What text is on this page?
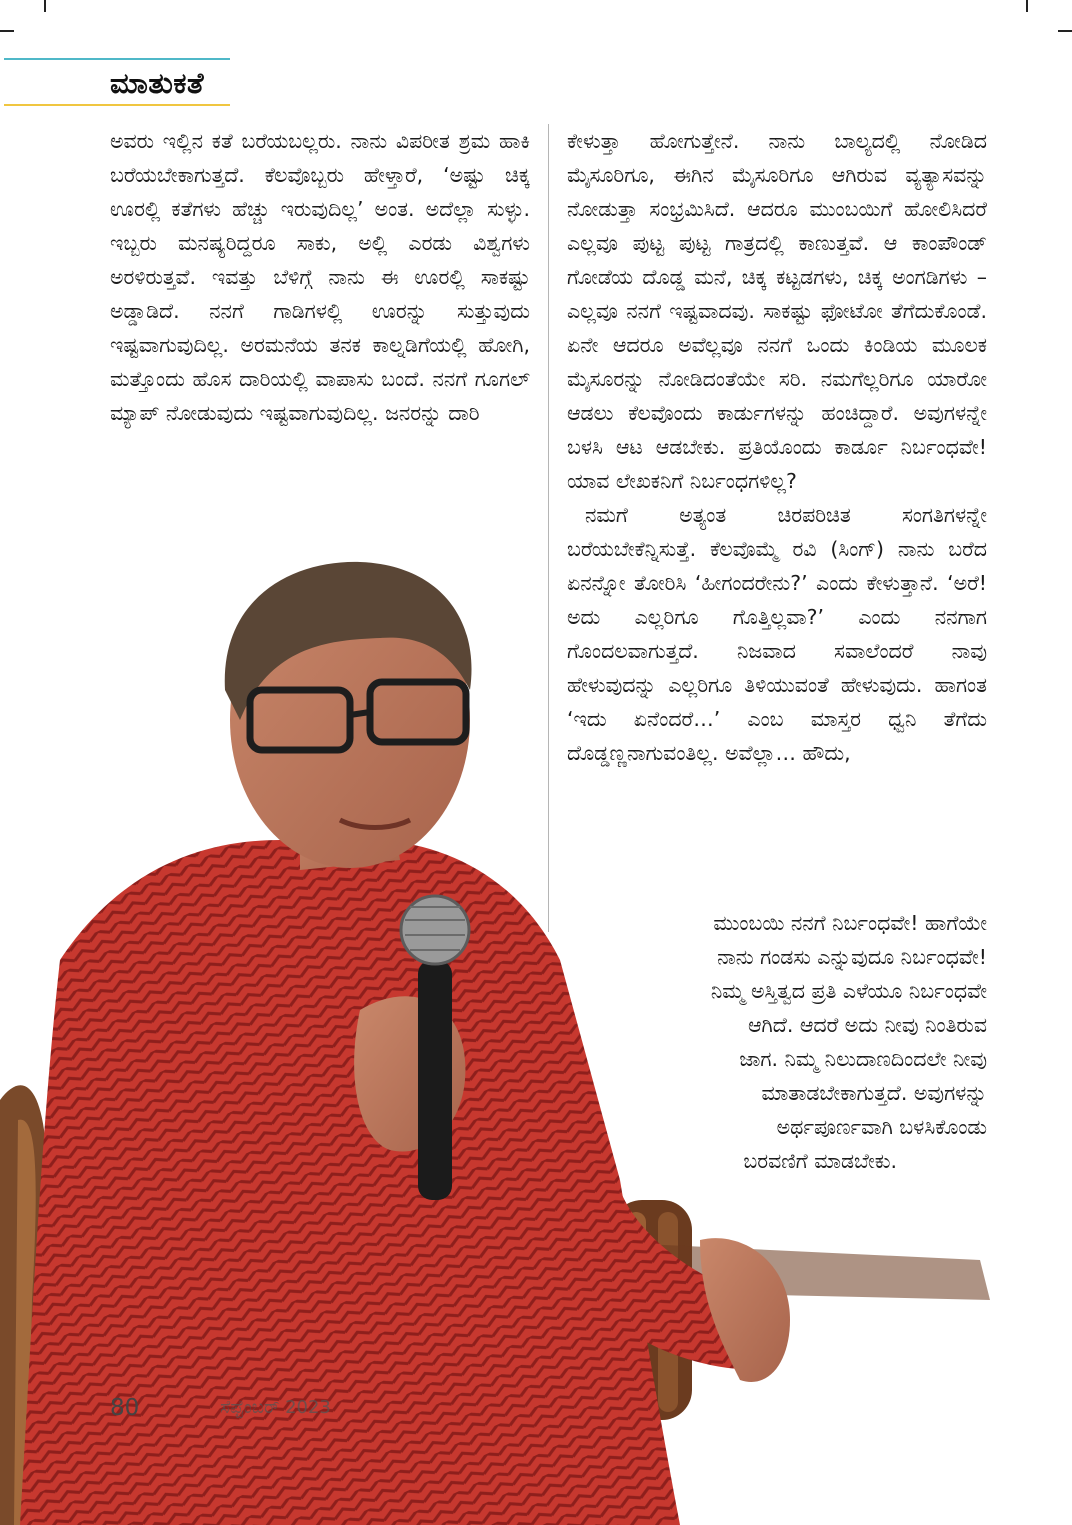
ಮಾತುಕತೆ

ಅವರು ಇಲ್ಲಿನ ಕತೆ ಬರೆಯಬಲ್ಲರು. ನಾನು ವಿಪರೀತ ಶ್ರಮ ಹಾಕಿ ಬರೆಯಬೇಕಾಗುತ್ತದೆ. ಕೆಲವೊಬ್ಬರು ಹೇಳ್ತಾರೆ, ‘ಅಷ್ಟು ಚಿಕ್ಕ ಊರಲ್ಲಿ ಕತೆಗಳು ಹೆಚ್ಚು ಇರುವುದಿಲ್ಲ’ ಅಂತ. ಅದೆಲ್ಲಾ ಸುಳ್ಳು. ಇಬ್ಬರು ಮನಷ್ಯರಿದ್ದರೂ ಸಾಕು, ಅಲ್ಲಿ ಎರಡು ವಿಶ್ವಗಳು ಅರಳಿರುತ್ತವೆ. ಇವತ್ತು ಬೆಳಿಗ್ಗೆ ನಾನು ಈ ಊರಲ್ಲಿ ಸಾಕಷ್ಟು ಅಡ್ಡಾಡಿದೆ. ನನಗೆ ಗಾಡಿಗಳಲ್ಲಿ ಊರನ್ನು ಸುತ್ತುವುದು ಇಷ್ಟವಾಗುವುದಿಲ್ಲ. ಅರಮನೆಯ ತನಕ ಕಾಲ್ನಡಿಗೆಯಲ್ಲಿ ಹೋಗಿ, ಮತ್ತೊಂದು ಹೊಸ ದಾರಿಯಲ್ಲಿ ವಾಪಾಸು ಬಂದೆ. ನನಗೆ ಗೂಗಲ್ ಮ್ಯಾಪ್ ನೋಡುವುದು ಇಷ್ಟವಾಗುವುದಿಲ್ಲ. ಜನರನ್ನು ದಾರಿ

ಕೇಳುತ್ತಾ ಹೋಗುತ್ತೇನೆ. ನಾನು ಬಾಲ್ಯದಲ್ಲಿ ನೋಡಿದ ಮೈಸೂರಿಗೂ, ಈಗಿನ ಮೈಸೂರಿಗೂ ಆಗಿರುವ ವ್ಯತ್ಯಾಸವನ್ನು ನೋಡುತ್ತಾ ಸಂಭ್ರಮಿಸಿದೆ. ಆದರೂ ಮುಂಬಯಿಗೆ ಹೋಲಿಸಿದರೆ ಎಲ್ಲವೂ ಪುಟ್ಟ ಪುಟ್ಟ ಗಾತ್ರದಲ್ಲಿ ಕಾಣುತ್ತವೆ. ಆ ಕಾಂಪೌಂಡ್ ಗೋಡೆಯ ದೊಡ್ಡ ಮನೆ, ಚಿಕ್ಕ ಕಟ್ಟಡಗಳು, ಚಿಕ್ಕ ಅಂಗಡಿಗಳು – ಎಲ್ಲವೂ ನನಗೆ ಇಷ್ಟವಾದವು. ಸಾಕಷ್ಟು ಫೋಟೋ ತೆಗೆದುಕೊಂಡೆ. ಏನೇ ಆದರೂ ಅವೆಲ್ಲವೂ ನನಗೆ ಒಂದು ಕಿಂಡಿಯ ಮೂಲಕ ಮೈಸೂರನ್ನು ನೋಡಿದಂತೆಯೇ ಸರಿ. ನಮಗೆಲ್ಲರಿಗೂ ಯಾರೋ ಆಡಲು ಕೆಲವೊಂದು ಕಾರ್ಡುಗಳನ್ನು ಹಂಚಿದ್ದಾರೆ. ಅವುಗಳನ್ನೇ ಬಳಸಿ ಆಟ ಆಡಬೇಕು. ಪ್ರತಿಯೊಂದು ಕಾರ್ಡೂ ನಿರ್ಬಂಧವೇ! ಯಾವ ಲೇಖಕನಿಗೆ ನಿರ್ಬಂಧಗಳಿಲ್ಲ?

ನಮಗೆ ಅತ್ಯಂತ ಚಿರಪರಿಚಿತ ಸಂಗತಿಗಳನ್ನೇ ಬರೆಯಬೇಕೆನ್ನಿಸುತ್ತೆ. ಕೆಲವೊಮ್ಮೆ ರವಿ (ಸಿಂಗ್) ನಾನು ಬರೆದ ಏನನ್ನೋ ತೋರಿಸಿ ‘ಹೀಗಂದರೇನು?’ ಎಂದು ಕೇಳುತ್ತಾನೆ. ‘ಅರೆ! ಅದು ಎಲ್ಲರಿಗೂ ಗೊತ್ತಿಲ್ಲವಾ?’ ಎಂದು ನನಗಾಗ ಗೊಂದಲವಾಗುತ್ತದೆ. ನಿಜವಾದ ಸವಾಲೆಂದರೆ ನಾವು ಹೇಳುವುದನ್ನು ಎಲ್ಲರಿಗೂ ತಿಳಿಯುವಂತೆ ಹೇಳುವುದು. ಹಾಗಂತ ‘ಇದು ಏನೆಂದರೆ…’ ಎಂಬ ಮಾಸ್ತರ ಧ್ವನಿ ತೆಗೆದು ದೊಡ್ಡಣ್ಣನಾಗುವಂತಿಲ್ಲ. ಅವೆಲ್ಲಾ… ಹೌದು,

ಮುಂಬಯಿ ನನಗೆ ನಿರ್ಬಂಧವೇ! ಹಾಗೆಯೇ
ನಾನು ಗಂಡಸು ಎನ್ನುವುದೂ ನಿರ್ಬಂಧವೇ!
ನಿಮ್ಮ ಅಸ್ತಿತ್ವದ ಪ್ರತಿ ಎಳೆಯೂ ನಿರ್ಬಂಧವೇ
ಆಗಿದೆ. ಆದರೆ ಅದು ನೀವು ನಿಂತಿರುವ
ಜಾಗ. ನಿಮ್ಮ ನಿಲುದಾಣದಿಂದಲೇ ನೀವು
ಮಾತಾಡಬೇಕಾಗುತ್ತದೆ. ಅವುಗಳನ್ನು
ಅರ್ಥಪೂರ್ಣವಾಗಿ ಬಳಸಿಕೊಂಡು
ಬರವಣಿಗೆ ಮಾಡಬೇಕು.
80	ಸೆಪ್ಟೆಂಬರ್ 2023
